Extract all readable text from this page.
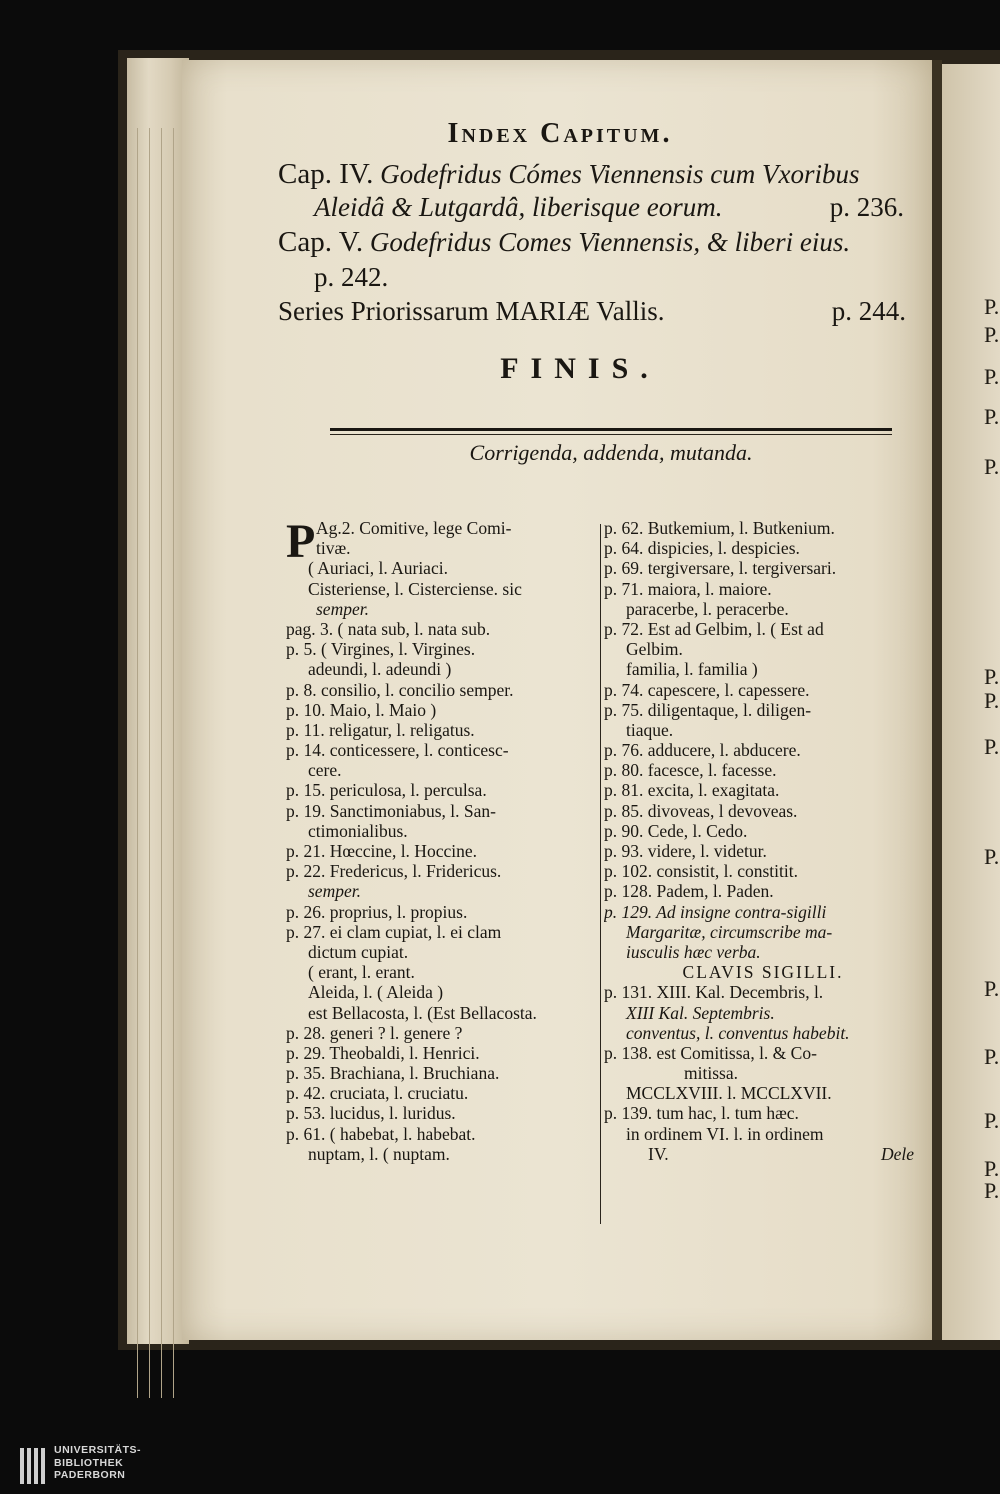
P.
P.
P.
P.
P.
P.
P.
P.
P.
P.
P.
P.
P.
P.
Index Capitum.
Cap. IV. Godefridus Cómes Viennensis cum Vxoribus
Aleidâ & Lutgardâ, liberisque eorum.	p. 236.
Cap. V. Godefridus Comes Viennensis, & liberi eius.
p. 242.
Series Priorissarum MARIÆ Vallis.	p. 244.
FINIS.
Corrigenda, addenda, mutanda.
P Ag.2. Comitive, lege Comi-
tivæ.
( Auriaci, l. Auriaci.
Cisteriense, l. Cisterciense. sic
semper.
pag. 3. ( nata sub, l. nata sub.
p. 5. ( Virgines, l. Virgines.
adeundi, l. adeundi )
p. 8. consilio, l. concilio semper.
p. 10. Maio, l. Maio )
p. 11. religatur, l. religatus.
p. 14. conticessere, l. conticesc-
cere.
p. 15. periculosa, l. perculsa.
p. 19. Sanctimoniabus, l. San-
ctimonialibus.
p. 21. Hœccine, l. Hoccine.
p. 22. Fredericus, l. Fridericus.
semper.
p. 26. proprius, l. propius.
p. 27. ei clam cupiat, l. ei clam
dictum cupiat.
( erant, l. erant.
Aleida, l. ( Aleida )
est Bellacosta, l. (Est Bellacosta.
p. 28. generi ? l. genere ?
p. 29. Theobaldi, l. Henrici.
p. 35. Brachiana, l. Bruchiana.
p. 42. cruciata, l. cruciatu.
p. 53. lucidus, l. luridus.
p. 61. ( habebat, l. habebat.
nuptam, l. ( nuptam.
p. 62. Butkemium, l. Butkenium.
p. 64. dispicies, l. despicies.
p. 69. tergiversare, l. tergiversari.
p. 71. maiora, l. maiore.
paracerbe, l. peracerbe.
p. 72. Est ad Gelbim, l. ( Est ad
Gelbim.
familia, l. familia )
p. 74. capescere, l. capessere.
p. 75. diligentaque, l. diligen-
tiaque.
p. 76. adducere, l. abducere.
p. 80. facesce, l. facesse.
p. 81. excita, l. exagitata.
p. 85. divoveas, l devoveas.
p. 90. Cede, l. Cedo.
p. 93. videre, l. videtur.
p. 102. consistit, l. constitit.
p. 128. Padem, l. Paden.
p. 129. Ad insigne contra-sigilli
Margaritæ, circumscribe ma-
iusculis hæc verba.
CLAVIS SIGILLI.
p. 131. XIII. Kal. Decembris, l.
XIII Kal. Septembris.
conventus, l. conventus habebit.
p. 138. est Comitissa, l. & Co-
mitissa.
MCCLXVIII. l. MCCLXVII.
p. 139. tum hac, l. tum hæc.
in ordinem VI. l. in ordinem
IV.	Dele
UNIVERSITÄTS-
BIBLIOTHEK
PADERBORN
